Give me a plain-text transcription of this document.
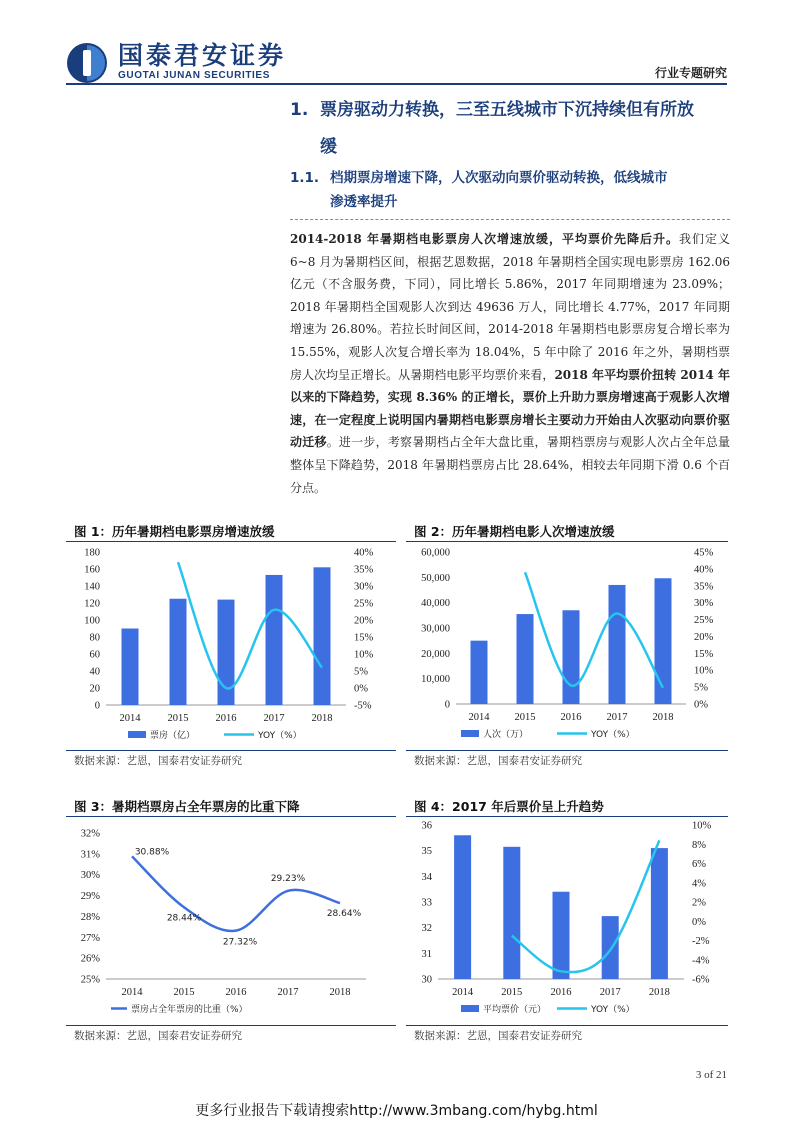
国泰君安证券
GUOTAI JUNAN SECURITIES	行业专题研究
1. 票房驱动力转换，三至五线城市下沉持续但有所放
缓
1.1. 档期票房增速下降，人次驱动向票价驱动转换，低线城市
渗透率提升

2014-2018 年暑期档电影票房人次增速放缓，平均票价先降后升。我们定义 6~8 月为暑期档区间，根据艺恩数据，2018 年暑期档全国实现电影票房 162.06 亿元（不含服务费，下同），同比增长 5.86%，2017 年同期增速为 23.09%；2018 年暑期档全国观影人次到达 49636 万人，同比增长 4.77%，2017 年同期增速为 26.80%。若拉长时间区间，2014-2018 年暑期档电影票房复合增长率为 15.55%，观影人次复合增长率为 18.04%，5 年中除了 2016 年之外，暑期档票房人次均呈正增长。从暑期档电影平均票价来看，2018 年平均票价扭转 2014 年以来的下降趋势，实现 8.36% 的正增长，票价上升助力票房增速高于观影人次增速，在一定程度上说明国内暑期档电影票房增长主要动力开始由人次驱动向票价驱动迁移。进一步，考察暑期档占全年大盘比重，暑期档票房与观影人次占全年总量整体呈下降趋势，2018 年暑期档票房占比 28.64%，相较去年同期下滑 0.6 个百分点。

图 1：历年暑期档电影票房增速放缓	图 2：历年暑期档电影人次增速放缓
数据来源：艺恩，国泰君安证券研究	数据来源：艺恩，国泰君安证券研究
图 3：暑期档票房占全年票房的比重下降	图 4：2017 年后票价呈上升趋势
数据来源：艺恩，国泰君安证券研究	数据来源：艺恩，国泰君安证券研究
0
20
40
60
80
100
120
140
160
180
-5%
0%
5%
10%
15%
20%
25%
30%
35%
40%
2014	2015	2016	2017	2018
票房（亿）	YOY（%）
0
10,000
20,000
30,000
40,000
50,000
60,000
0%
5%
10%
15%
20%
25%
30%
35%
40%
45%
2014 2015 2016 2017 2018
人次（万）	YOY（%）
25%
26%
27%
28%
29%
30%
31%
32%
2014	2015	2016	2017	2018
30.88%
28.44%
27.32%
29.23%
28.64%
票房占全年票房的比重（%）
30
31
32
33
34
35
36
-6%
-4%
-2%
0%
2%
4%
6%
8%
10%
2014	2015	2016	2017	2018
平均票价（元）	YOY（%）
3 of 21
更多行业报告下载请搜索http://www.3mbang.com/hybg.html
